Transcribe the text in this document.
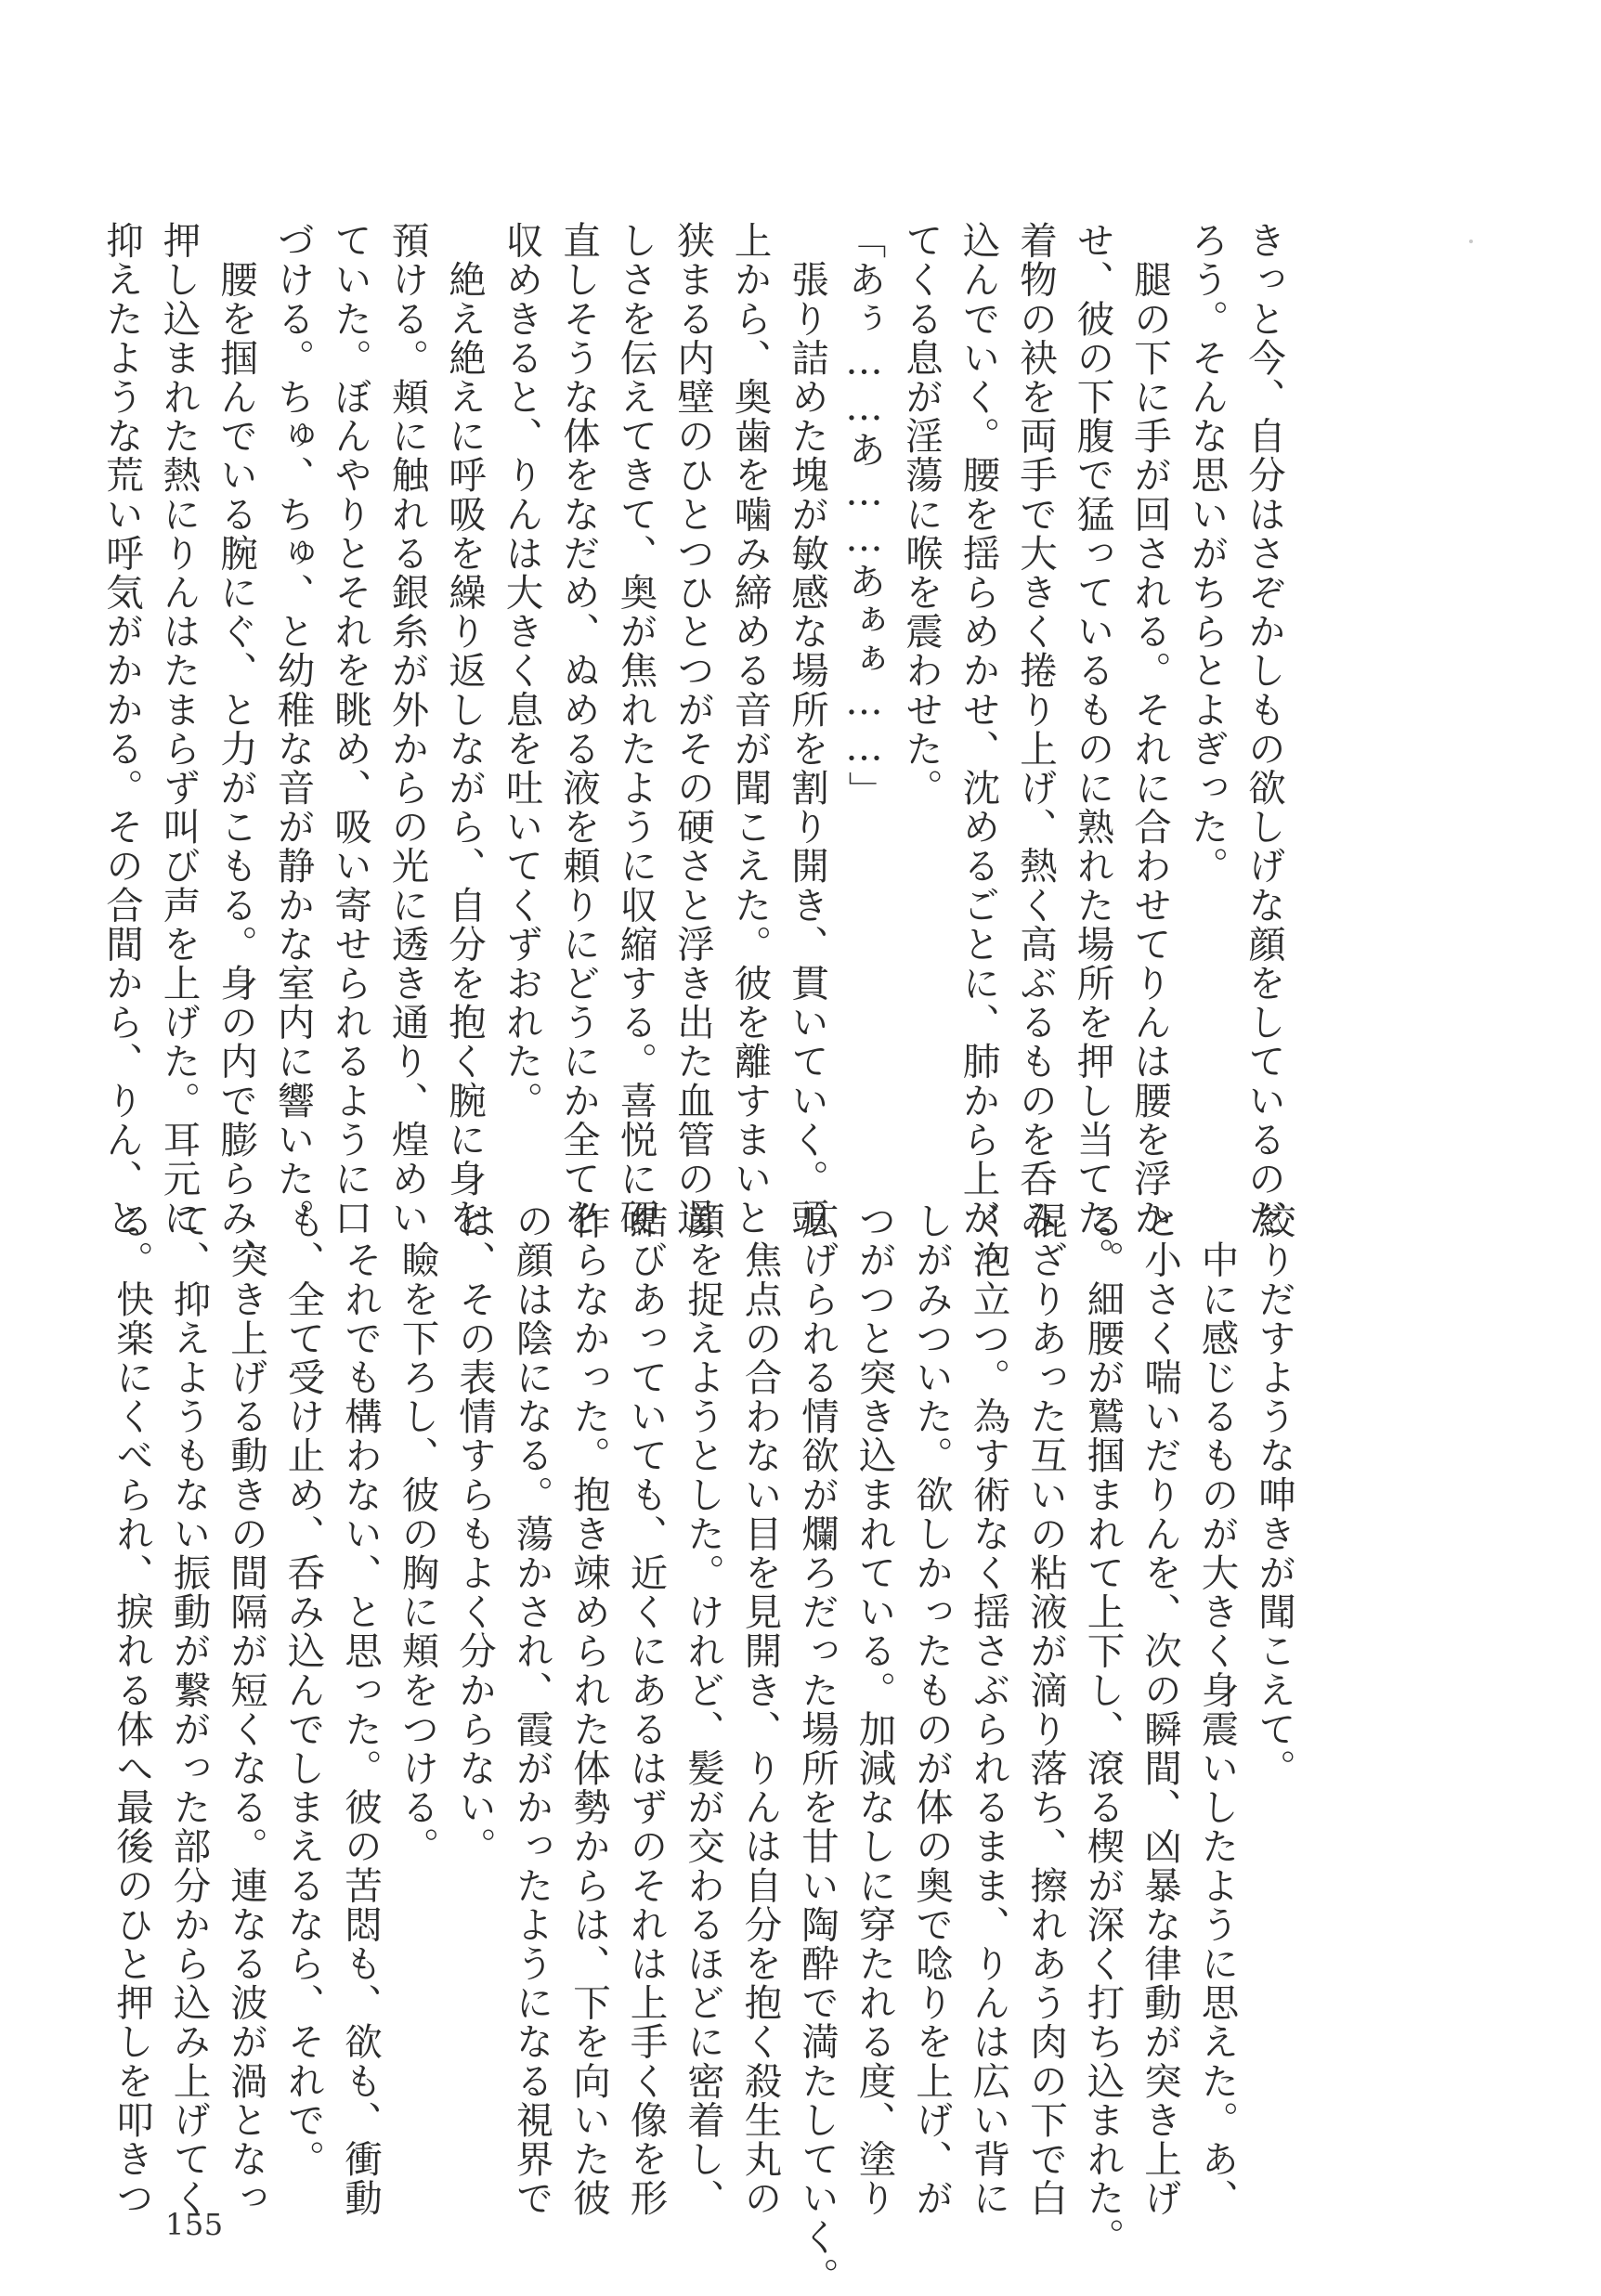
きっと今、自分はさぞかしもの欲しげな顔をしているのだ
ろう。そんな思いがちらとよぎった。
　腿の下に手が回される。それに合わせてりんは腰を浮か
せ、彼の下腹で猛っているものに熟れた場所を押し当てた。
着物の袂を両手で大きく捲り上げ、熱く高ぶるものを呑み
込んでいく。腰を揺らめかせ、沈めるごとに、肺から上がっ
てくる息が淫蕩に喉を震わせた。
「あぅ……あ……あぁぁ……」
　張り詰めた塊が敏感な場所を割り開き、貫いていく。頭
上から、奥歯を噛み締める音が聞こえた。彼を離すまいと
狭まる内壁のひとつひとつがその硬さと浮き出た血管の逞
しさを伝えてきて、奥が焦れたように収縮する。喜悦に硬
直しそうな体をなだめ、ぬめる液を頼りにどうにか全てを
収めきると、りんは大きく息を吐いてくずおれた。
　絶え絶えに呼吸を繰り返しながら、自分を抱く腕に身を
預ける。頬に触れる銀糸が外からの光に透き通り、煌めい
ていた。ぼんやりとそれを眺め、吸い寄せられるように口
づける。ちゅ、ちゅ、と幼稚な音が静かな室内に響いた。
　腰を掴んでいる腕にぐ、と力がこもる。身の内で膨らみ、
押し込まれた熱にりんはたまらず叫び声を上げた。耳元に
抑えたような荒い呼気がかかる。その合間から、りん、と
絞りだすような呻きが聞こえて。
　中に感じるものが大きく身震いしたように思えた。あ、
と小さく喘いだりんを、次の瞬間、凶暴な律動が突き上げ
る。細腰が鷲掴まれて上下し、滾る楔が深く打ち込まれた。
混ざりあった互いの粘液が滴り落ち、擦れあう肉の下で白
く泡立つ。為す術なく揺さぶられるまま、りんは広い背に
しがみついた。欲しかったものが体の奥で唸りを上げ、が
つがつと突き込まれている。加減なしに穿たれる度、塗り
広げられる情欲が爛ろだった場所を甘い陶酔で満たしていく。
　焦点の合わない目を見開き、りんは自分を抱く殺生丸の
顔を捉えようとした。けれど、髪が交わるほどに密着し、
結びあっていても、近くにあるはずのそれは上手く像を形
作らなかった。抱き竦められた体勢からは、下を向いた彼
の顔は陰になる。蕩かされ、霞がかったようになる視界で
は、その表情すらもよく分からない。
　瞼を下ろし、彼の胸に頬をつける。
　それでも構わない、と思った。彼の苦悶も、欲も、衝動
も、全て受け止め、呑み込んでしまえるなら、それで。
　突き上げる動きの間隔が短くなる。連なる波が渦となっ
て、抑えようもない振動が繋がった部分から込み上げてく
る。快楽にくべられ、捩れる体へ最後のひと押しを叩きつ
155
